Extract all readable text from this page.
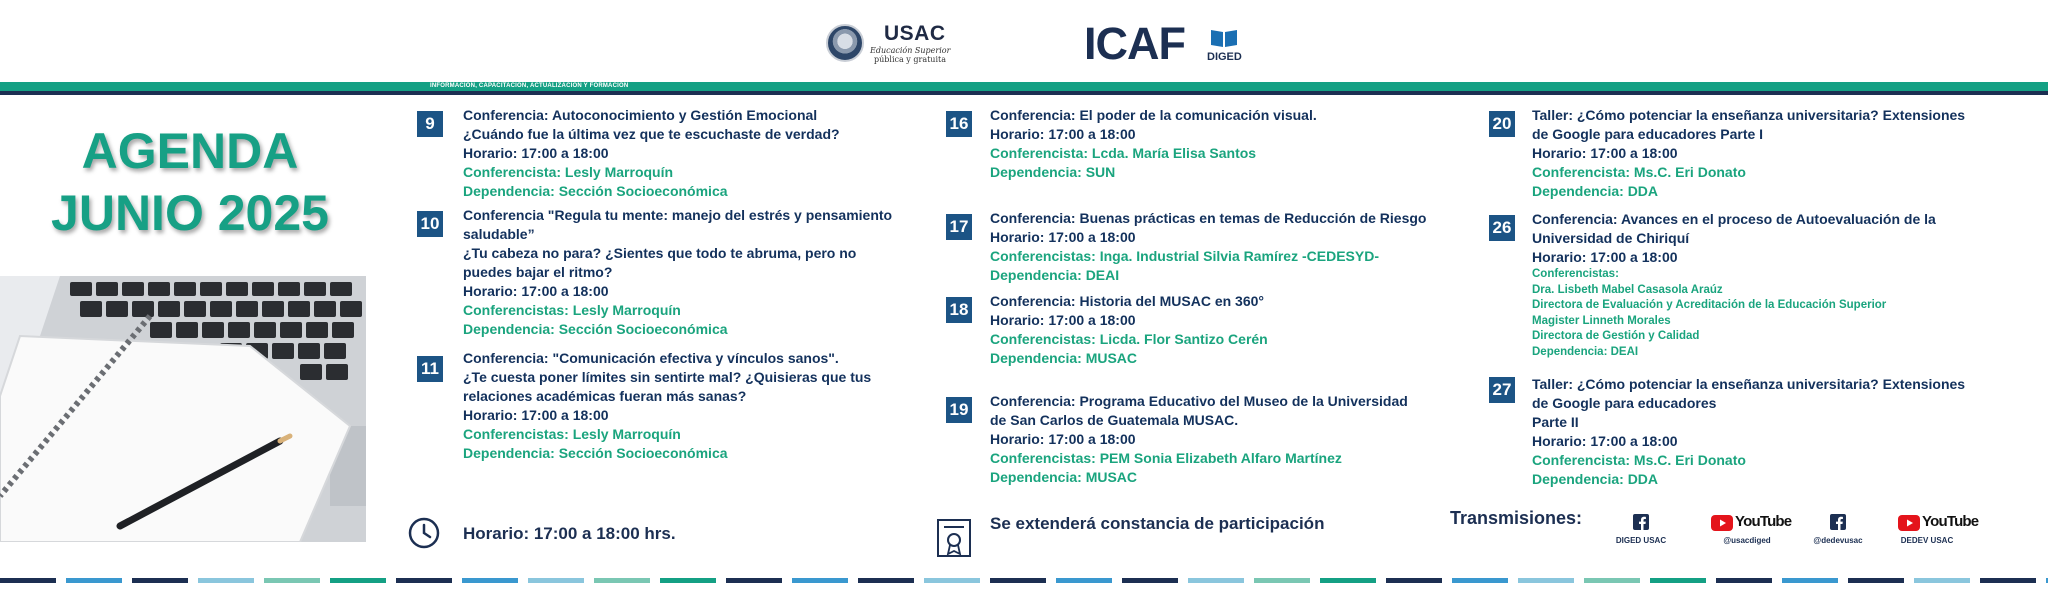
USAC
Educación Superior
pública y gratuita	ICAF DIGED
INFORMACIÓN, CAPACITACIÓN, ACTUALIZACIÓN Y FORMACIÓN
AGENDA
JUNIO 2025
9	Conferencia: Autoconocimiento y Gestión Emocional
¿Cuándo fue la última vez que te escuchaste de verdad?
Horario: 17:00 a 18:00
Conferencista: Lesly Marroquín
Dependencia: Sección Socioeconómica
10 Conferencia "Regula tu mente: manejo del estrés y pensamiento
saludable”
¿Tu cabeza no para? ¿Sientes que todo te abruma, pero no
puedes bajar el ritmo?
Horario: 17:00 a 18:00
Conferencistas: Lesly Marroquín
Dependencia: Sección Socioeconómica
11
Conferencia: "Comunicación efectiva y vínculos sanos".
¿Te cuesta poner límites sin sentirte mal? ¿Quisieras que tus
relaciones académicas fueran más sanas?
Horario: 17:00 a 18:00
Conferencistas: Lesly Marroquín
Dependencia: Sección Socioeconómica
16 Conferencia: El poder de la comunicación visual.
Horario: 17:00 a 18:00
Conferencista: Lcda. María Elisa Santos
Dependencia: SUN
17 Conferencia: Buenas prácticas en temas de Reducción de Riesgo
Horario: 17:00 a 18:00
Conferencistas: Inga. Industrial Silvia Ramírez -CEDESYD-
Dependencia: DEAI
18 Conferencia: Historia del MUSAC en 360°
Horario: 17:00 a 18:00
Conferencistas: Licda. Flor Santizo Cerén
Dependencia: MUSAC
19 Conferencia: Programa Educativo del Museo de la Universidad
de San Carlos de Guatemala MUSAC.
Horario: 17:00 a 18:00
Conferencistas: PEM Sonia Elizabeth Alfaro Martínez
Dependencia: MUSAC
20 Taller: ¿Cómo potenciar la enseñanza universitaria? Extensiones
de Google para educadores Parte I
Horario: 17:00 a 18:00
Conferencista: Ms.C. Eri Donato
Dependencia: DDA
26 Conferencia: Avances en el proceso de Autoevaluación de la
Universidad de Chiriquí
Horario: 17:00 a 18:00
Conferencistas:
Dra. Lisbeth Mabel Casasola Araúz
Directora de Evaluación y Acreditación de la Educación Superior
Magister Linneth Morales
Directora de Gestión y Calidad
Dependencia: DEAI
27 Taller: ¿Cómo potenciar la enseñanza universitaria? Extensiones
de Google para educadores
Parte II
Horario: 17:00 a 18:00
Conferencista: Ms.C. Eri Donato
Dependencia: DDA
Horario: 17:00 a 18:00 hrs.
Se extenderá constancia de participación	Transmisiones:
DIGED USAC
YouTube
@usacdiged	@dedevusac
YouTube
DEDEV USAC
